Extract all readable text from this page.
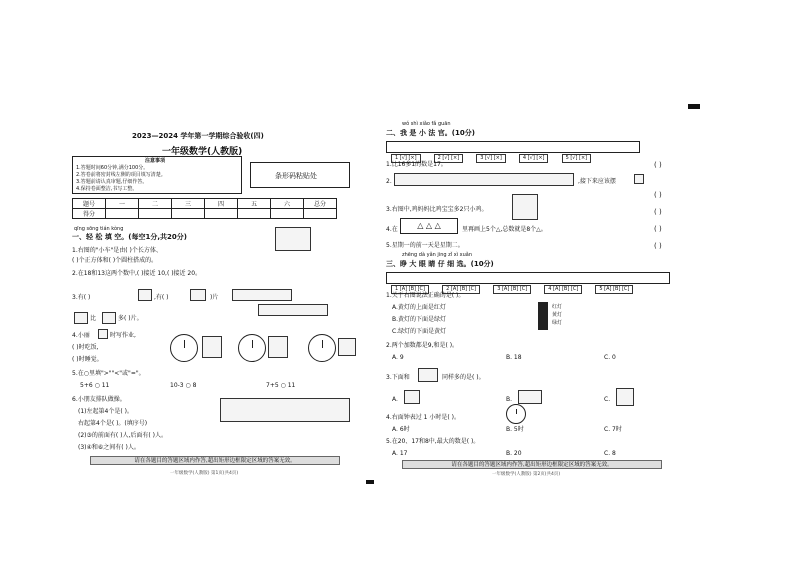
2023—2024 学年第一学期综合验收(四)
一年级数学(人教版)
注意事项
1.答题时间60分钟,满分100分。
2.答卷前将密封线左侧的项目填写清楚。
3.答题前请认真审题,仔细作答。
4.保持卷面整洁,书写工整。
条形码粘贴处
题号	一	二	三	四	五	六	总分
得分							
qīng sōng tián kòng
一、轻 松 填 空。(每空1分,共20分)
1.右图的"小车"是由( )个长方体、
( )个正方体和( )个圆柱搭成的。
2.在18和13这两个数中,( )接近 10,( )接近 20。
3.有( )	,有( )	)片
比	多( )片。
4.小丽	时写作业,
( )时吃饭,
( )时睡觉。
5.在○里填">""<"或"="。
5+6 ○ 11	10-3 ○ 8	7+5 ○ 11
6.小朋友排队做操。
(1)左起第4个是( )。
右起第4个是( )。(填序号)
(2)③的前面有( )人,后面有( )人。
(3)④和⑥之间有( )人。
请在各题目的答题区域内作答,超出矩形边框限定区域的答案无效。
一年级数学(人教版) 第1页(共4页)
wǒ shì xiǎo fǎ guān
二、我 是 小 法 官。(10分)
1 [√] [×]	2 [√] [×]	3 [√] [×]	4 [√] [×]	5 [√] [×]
1.比16多1的数是17。	( )
2.	,接下来应该摆
( )
3.右图中,鸡妈妈比鸡宝宝多2只小鸡。	( )
4.在	△ △ △	里再画上5个△,总数就是8个△。	( )
5.星期一的前一天是星期二。	( )
zhēng dà yǎn jing zǐ xì xuǎn
三、睁 大 眼 睛 仔 细 选。(10分)
1 [A] [B] [C]	2 [A] [B] [C]	3 [A] [B] [C]	4 [A] [B] [C]	5 [A] [B] [C]
1.关于右图说法正确的是( )。
A.黄灯的上面是红灯
B.黄灯的下面是绿灯
C.绿灯的下面是黄灯
红灯
黄灯
绿灯
2.两个加数都是9,和是( )。
A. 9	B. 18	C. 0
3.下面和	同样多的是( )。
A.	B.	C.
4.右面钟表过 1 小时是( )。
A. 6时	B. 5时	C. 7时
5.在20、17和8中,最大的数是( )。
A. 17	B. 20	C. 8
请在各题目的答题区域内作答,超出矩形边框限定区域的答案无效。
一年级数学(人教版) 第2页(共4页)
